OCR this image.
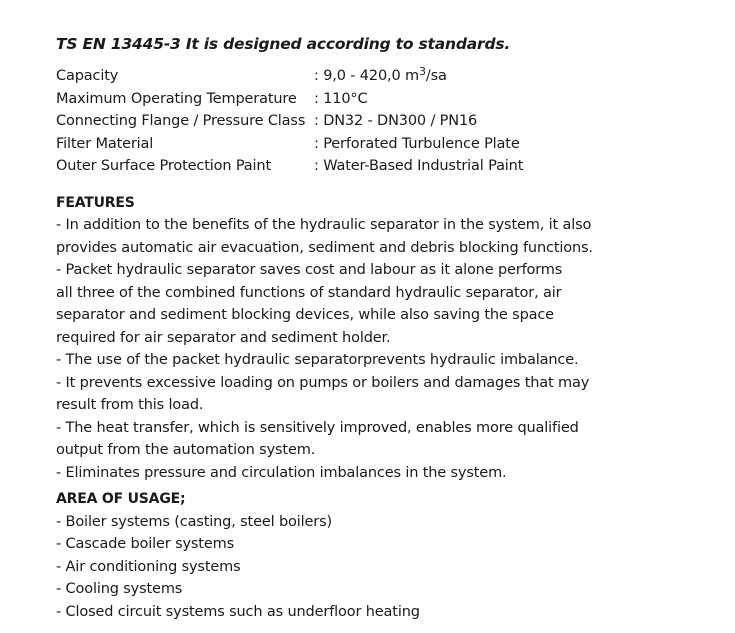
TS EN 13445-3 It is designed according to standards.
Capacity	: 9,0 - 420,0 $m^3/sa$
Maximum Operating Temperature	: 110°C
Connecting Flange / Pressure Class : DN32 - DN300 / PN16
Filter Material	: Perforated Turbulence Plate
Outer Surface Protection Paint	: Water-Based Industrial Paint
FEATURES
- In addition to the benefits of the hydraulic separator in the system, it also
provides automatic air evacuation, sediment and debris blocking functions.
- Packet hydraulic separator saves cost and labour as it alone performs
all three of the combined functions of standard hydraulic separator, air
separator and sediment blocking devices, while also saving the space
required for air separator and sediment holder.
- The use of the packet hydraulic separatorprevents hydraulic imbalance.
- It prevents excessive loading on pumps or boilers and damages that may
result from this load.
- The heat transfer, which is sensitively improved, enables more qualified
output from the automation system.
- Eliminates pressure and circulation imbalances in the system.
AREA OF USAGE;
- Boiler systems (casting, steel boilers)
- Cascade boiler systems
- Air conditioning systems
- Cooling systems
- Closed circuit systems such as underfloor heating
